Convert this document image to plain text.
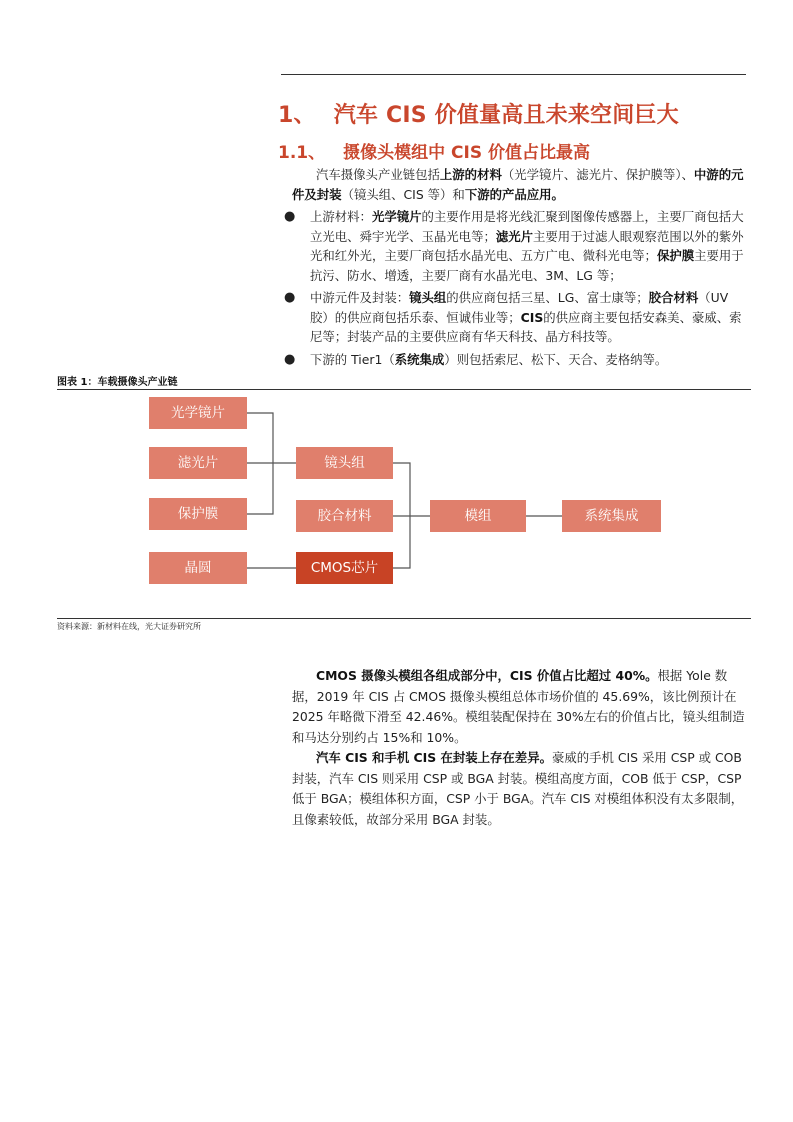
1、 汽车 CIS 价值量高且未来空间巨大
1.1、 摄像头模组中 CIS 价值占比最高

汽车摄像头产业链包括上游的材料（光学镜片、滤光片、保护膜等）、中游的元件及封装（镜头组、CIS 等）和下游的产品应用。

● 上游材料：光学镜片的主要作用是将光线汇聚到图像传感器上，主要厂商包括大立光电、舜宇光学、玉晶光电等；滤光片主要用于过滤人眼观察范围以外的紫外光和红外光，主要厂商包括水晶光电、五方广电、微科光电等；保护膜主要用于抗污、防水、增透，主要厂商有水晶光电、3M、LG 等；
● 中游元件及封装：镜头组的供应商包括三星、LG、富士康等；胶合材料（UV 胶）的供应商包括乐泰、恒诚伟业等；CIS的供应商主要包括安森美、豪威、索尼等；封装产品的主要供应商有华天科技、晶方科技等。
● 下游的 Tier1（系统集成）则包括索尼、松下、天合、麦格纳等。
图表 1：车载摄像头产业链
光学镜片
滤光片
保护膜
晶圆
镜头组
胶合材料
CMOS芯片
模组	系统集成
资料来源：新材料在线，光大证券研究所

CMOS 摄像头模组各组成部分中，CIS 价值占比超过 40%。根据 Yole 数据，2019 年 CIS 占 CMOS 摄像头模组总体市场价值的 45.69%，该比例预计在 2025 年略微下滑至 42.46%。模组装配保持在 30%左右的价值占比，镜头组制造和马达分别约占 15%和 10%。

汽车 CIS 和手机 CIS 在封装上存在差异。豪威的手机 CIS 采用 CSP 或 COB 封装，汽车 CIS 则采用 CSP 或 BGA 封装。模组高度方面，COB 低于 CSP，CSP 低于 BGA；模组体积方面，CSP 小于 BGA。汽车 CIS 对模组体积没有太多限制，且像素较低，故部分采用 BGA 封装。
